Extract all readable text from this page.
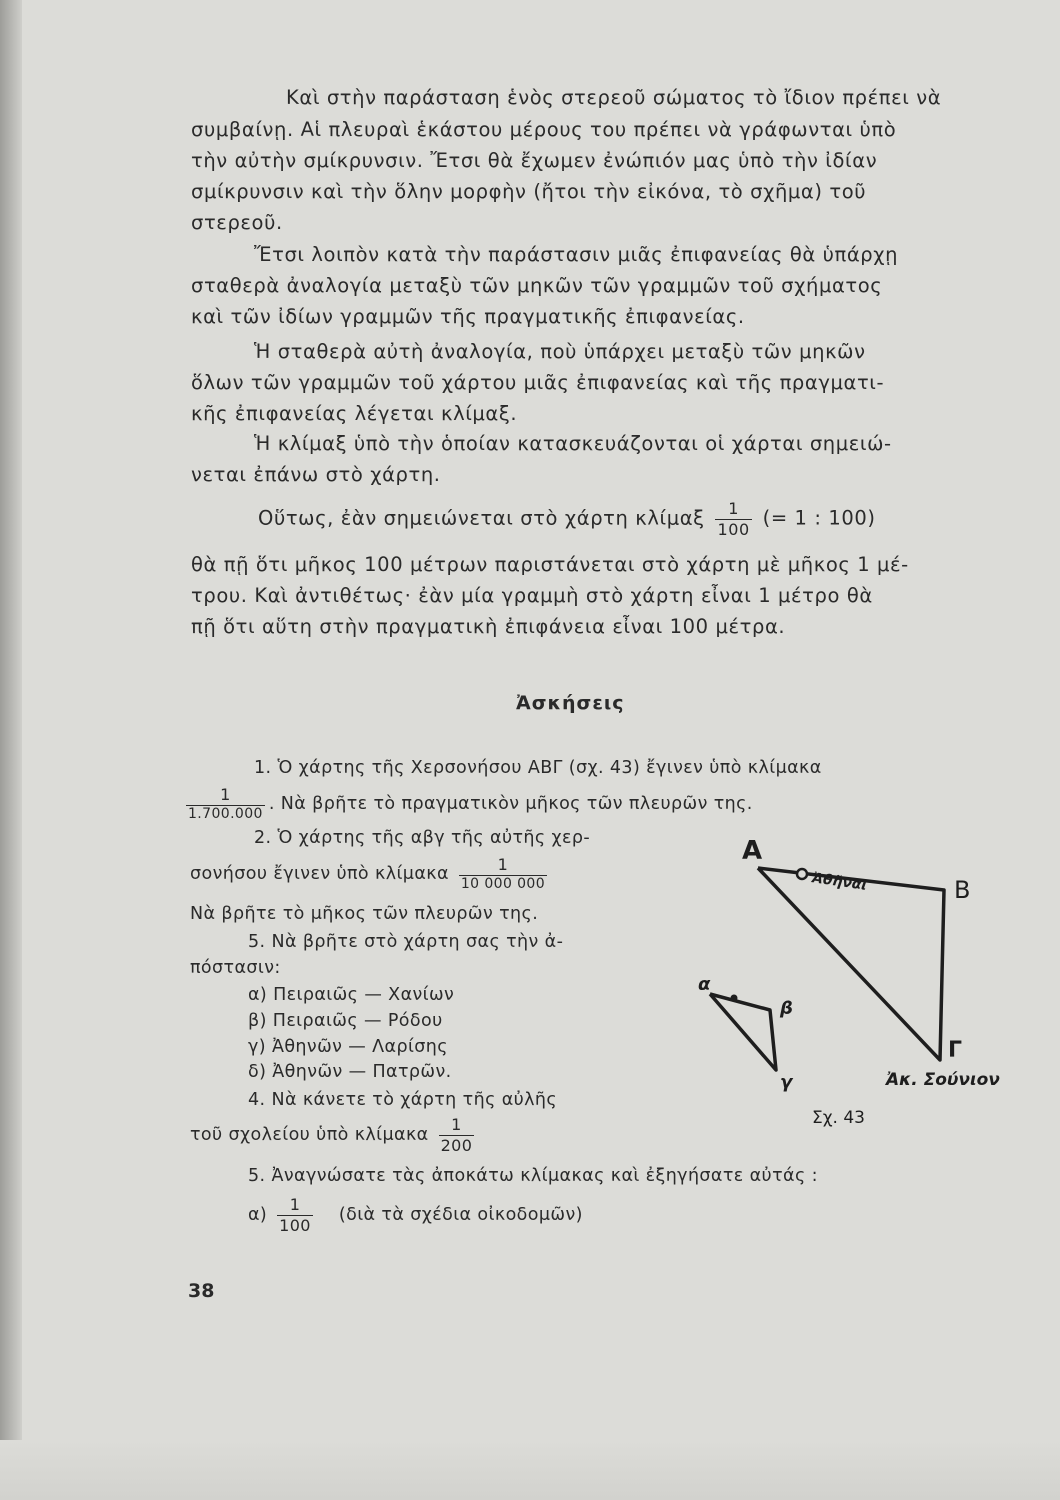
Καὶ στὴν παράσταση ἑνὸς στερεοῦ σώματος τὸ ἴδιον πρέπει νὰ
συμβαίνῃ. Αἱ πλευραὶ ἑκάστου μέρους του πρέπει νὰ γράφωνται ὑπὸ
τὴν αὐτὴν σμίκρυνσιν. Ἔτσι θὰ ἔχωμεν ἐνώπιόν μας ὑπὸ τὴν ἰδίαν
σμίκρυνσιν καὶ τὴν ὅλην μορφὴν (ἤτοι τὴν εἰκόνα, τὸ σχῆμα) τοῦ
στερεοῦ.
Ἔτσι λοιπὸν κατὰ τὴν παράστασιν μιᾶς ἐπιφανείας θὰ ὑπάρχῃ
σταθερὰ ἀναλογία μεταξὺ τῶν μηκῶν τῶν γραμμῶν τοῦ σχήματος
καὶ τῶν ἰδίων γραμμῶν τῆς πραγματικῆς ἐπιφανείας.
Ἡ σταθερὰ αὐτὴ ἀναλογία, ποὺ ὑπάρχει μεταξὺ τῶν μηκῶν
ὅλων τῶν γραμμῶν τοῦ χάρτου μιᾶς ἐπιφανείας καὶ τῆς πραγματι-
κῆς ἐπιφανείας λέγεται κλίμαξ.
Ἡ κλίμαξ ὑπὸ τὴν ὁποίαν κατασκευάζονται οἱ χάρται σημειώ-
νεται ἐπάνω στὸ χάρτη.
Οὕτως, ἐὰν σημειώνεται στὸ χάρτη κλίμαξ $\frac{1}{100}$ (= 1 : 100)
θὰ πῇ ὅτι μῆκος 100 μέτρων παριστάνεται στὸ χάρτη μὲ μῆκος 1 μέ-
τρου. Καὶ ἀντιθέτως· ἐὰν μία γραμμὴ στὸ χάρτη εἶναι 1 μέτρο θὰ
πῇ ὅτι αὕτη στὴν πραγματικὴ ἐπιφάνεια εἶναι 100 μέτρα.
Ἀσκήσεις
1. Ὁ χάρτης τῆς Χερσονήσου ΑΒΓ (σχ. 43) ἔγινεν ὑπὸ κλίμακα
$\frac{1}{1.700.000}$ . Νὰ βρῆτε τὸ πραγματικὸν μῆκος τῶν πλευρῶν της.
2. Ὁ χάρτης τῆς αβγ τῆς αὐτῆς χερ-
σονήσου ἔγινεν ὑπὸ κλίμακα $\frac{1}{10 000 000}$
Νὰ βρῆτε τὸ μῆκος τῶν πλευρῶν της.
5. Νὰ βρῆτε στὸ χάρτη σας τὴν ἀ-
πόστασιν:
α) Πειραιῶς — Χανίων
β) Πειραιῶς — Ρόδου
γ) Ἀθηνῶν — Λαρίσης
δ) Ἀθηνῶν — Πατρῶν.
4. Νὰ κάνετε τὸ χάρτη τῆς αὐλῆς
τοῦ σχολείου ὑπὸ κλίμακα $\frac{1}{200}$
5. Ἀναγνώσατε τὰς ἀποκάτω κλίμακας καὶ ἐξηγήσατε αὐτάς :
$\alpha) \frac{1}{100}$ (διὰ τὰ σχέδια οἰκοδομῶν)
Α
Β
Ἀθῆναι
Γ
Ἀκ. Σούνιον
α
β
γ
Σχ. 43
38
